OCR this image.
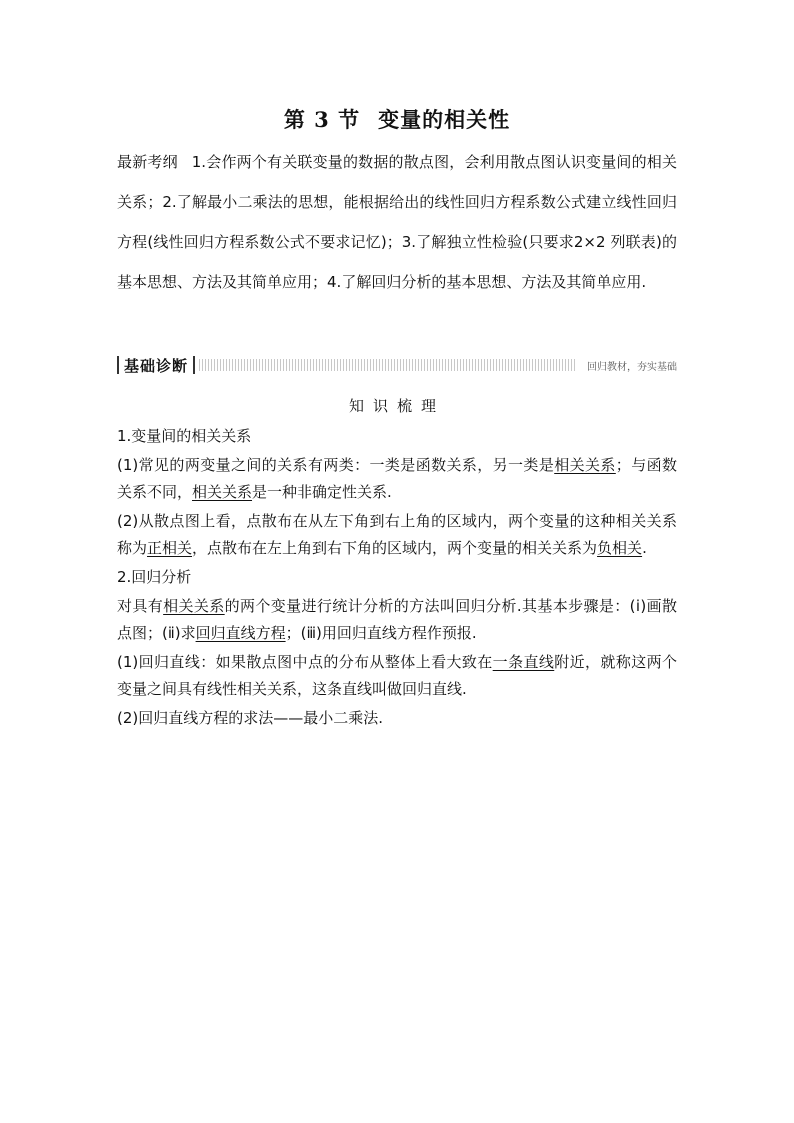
第 3 节 变量的相关性
最新考纲 1.会作两个有关联变量的数据的散点图，会利用散点图认识变量间的相关关系；2.了解最小二乘法的思想，能根据给出的线性回归方程系数公式建立线性回归方程(线性回归方程系数公式不要求记忆)；3.了解独立性检验(只要求2×2 列联表)的基本思想、方法及其简单应用；4.了解回归分析的基本思想、方法及其简单应用.
基础诊断	回归教材，夯实基础
知识梳理

1.变量间的相关关系

(1)常见的两变量之间的关系有两类：一类是函数关系，另一类是相关关系；与函数关系不同，相关关系是一种非确定性关系.

(2)从散点图上看，点散布在从左下角到右上角的区域内，两个变量的这种相关关系称为正相关，点散布在左上角到右下角的区域内，两个变量的相关关系为负相关.

2.回归分析

对具有相关关系的两个变量进行统计分析的方法叫回归分析.其基本步骤是：(ⅰ)画散点图；(ⅱ)求回归直线方程；(ⅲ)用回归直线方程作预报.

(1)回归直线：如果散点图中点的分布从整体上看大致在一条直线附近，就称这两个变量之间具有线性相关关系，这条直线叫做回归直线.

(2)回归直线方程的求法——最小二乘法.
